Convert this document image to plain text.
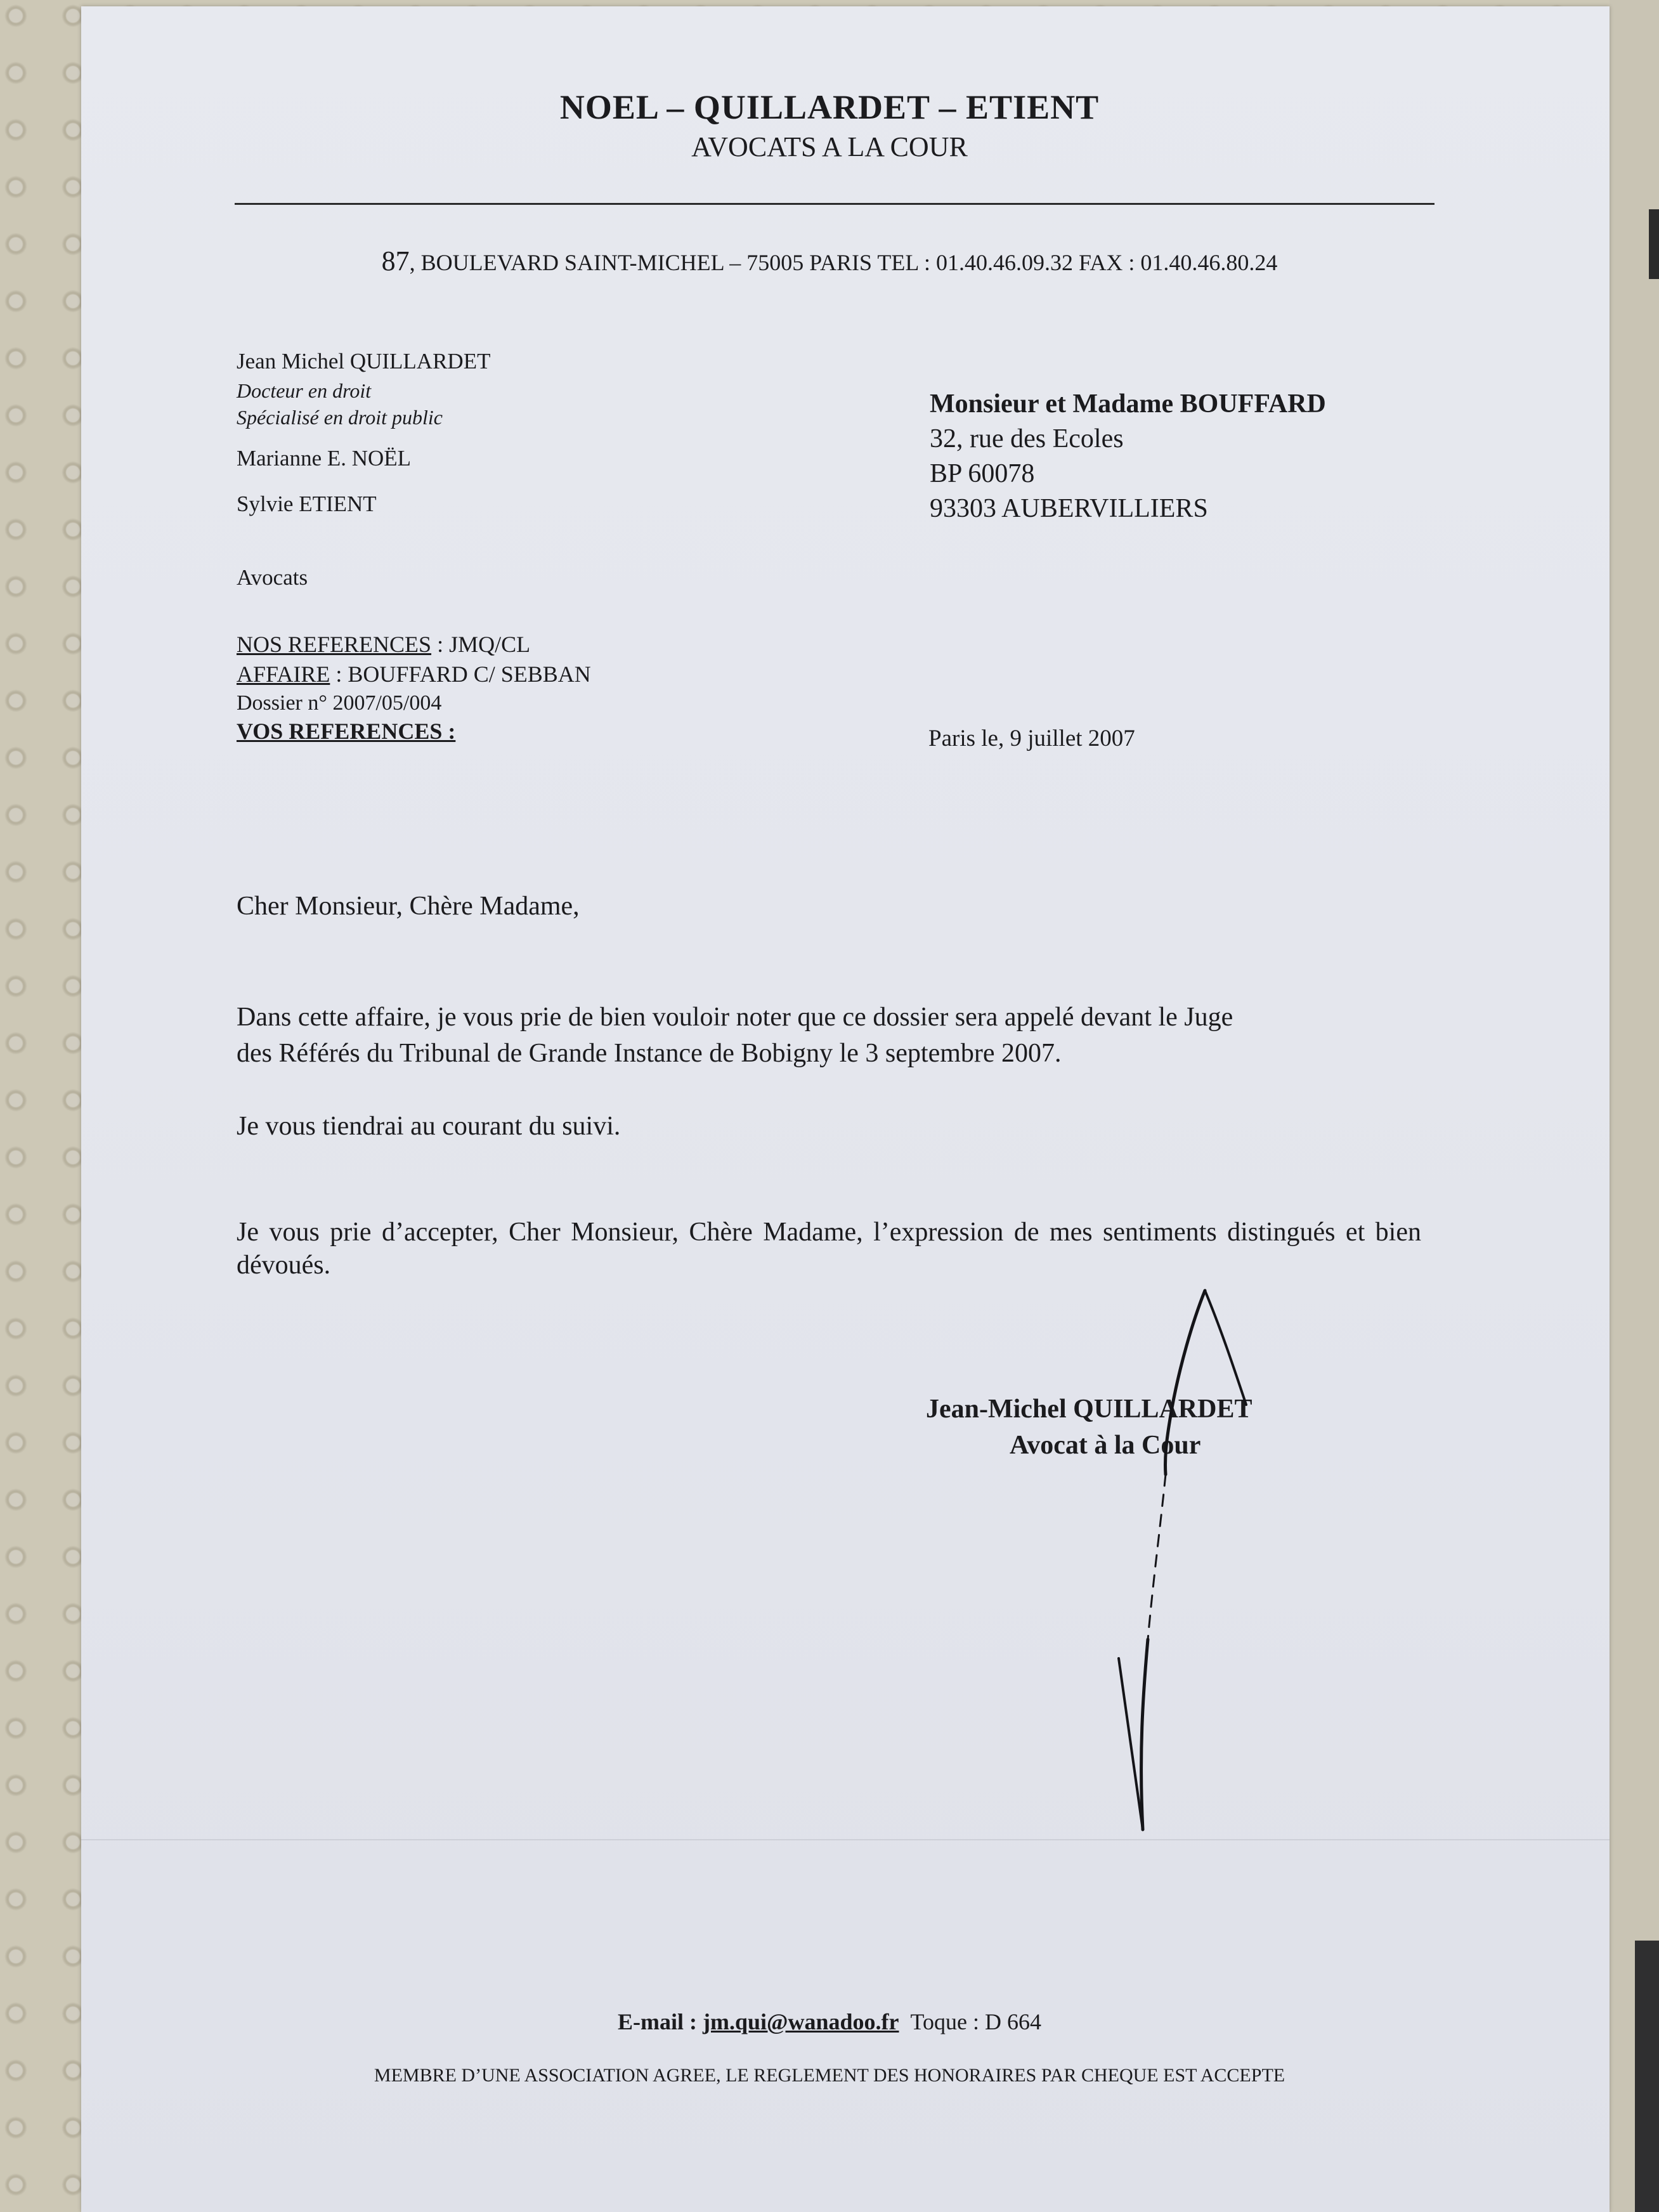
NOEL – QUILLARDET – ETIENT

AVOCATS A LA COUR

87, BOULEVARD SAINT-MICHEL – 75005 PARIS TEL : 01.40.46.09.32 FAX : 01.40.46.80.24

Jean Michel QUILLARDET

Docteur en droit

Spécialisé en droit public

Marianne E. NOËL

Sylvie ETIENT

Avocats

Monsieur et Madame BOUFFARD

32, rue des Ecoles

BP 60078

93303 AUBERVILLIERS

NOS REFERENCES : JMQ/CL

AFFAIRE : BOUFFARD C/ SEBBAN

Dossier n° 2007/05/004

VOS REFERENCES :	Paris le, 9 juillet 2007

Cher Monsieur, Chère Madame,

Dans cette affaire, je vous prie de bien vouloir noter que ce dossier sera appelé devant le Juge

des Référés du Tribunal de Grande Instance de Bobigny le 3 septembre 2007.

Je vous tiendrai au courant du suivi.

Je vous prie d’accepter, Cher Monsieur, Chère Madame, l’expression de mes sentiments distingués et bien dévoués.

Jean-Michel QUILLARDET

Avocat à la Cour

E-mail : jm.qui@wanadoo.fr Toque : D 664

MEMBRE D’UNE ASSOCIATION AGREE, LE REGLEMENT DES HONORAIRES PAR CHEQUE EST ACCEPTE
